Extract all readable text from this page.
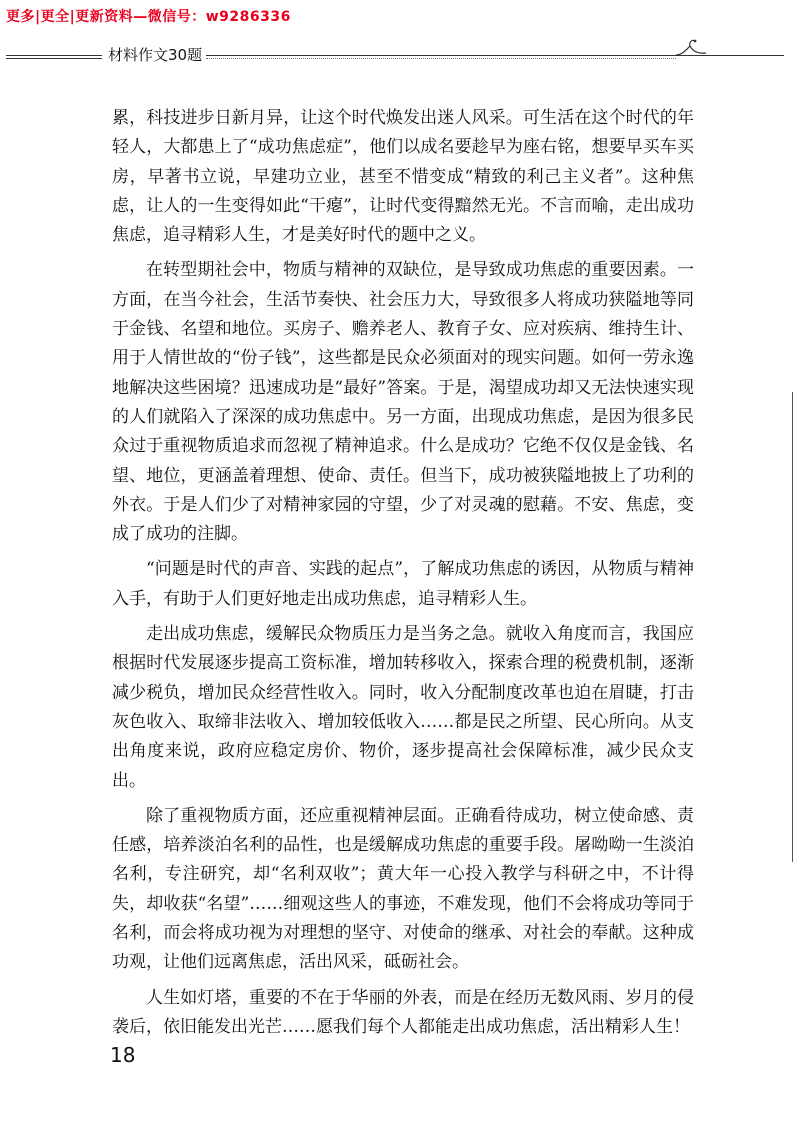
更多|更全|更新资料—微信号：w9286336
材料作文30题

累，科技进步日新月异，让这个时代焕发出迷人风采。可生活在这个时代的年轻人，大都患上了“成功焦虑症”，他们以成名要趁早为座右铭，想要早买车买房，早著书立说，早建功立业，甚至不惜变成“精致的利己主义者”。这种焦虑，让人的一生变得如此“干瘪”，让时代变得黯然无光。不言而喻，走出成功焦虑，追寻精彩人生，才是美好时代的题中之义。

在转型期社会中，物质与精神的双缺位，是导致成功焦虑的重要因素。一方面，在当今社会，生活节奏快、社会压力大，导致很多人将成功狭隘地等同于金钱、名望和地位。买房子、赡养老人、教育子女、应对疾病、维持生计、用于人情世故的“份子钱”，这些都是民众必须面对的现实问题。如何一劳永逸地解决这些困境？迅速成功是“最好”答案。于是，渴望成功却又无法快速实现的人们就陷入了深深的成功焦虑中。另一方面，出现成功焦虑，是因为很多民众过于重视物质追求而忽视了精神追求。什么是成功？它绝不仅仅是金钱、名望、地位，更涵盖着理想、使命、责任。但当下，成功被狭隘地披上了功利的外衣。于是人们少了对精神家园的守望，少了对灵魂的慰藉。不安、焦虑，变成了成功的注脚。

“问题是时代的声音、实践的起点”，了解成功焦虑的诱因，从物质与精神入手，有助于人们更好地走出成功焦虑，追寻精彩人生。

走出成功焦虑，缓解民众物质压力是当务之急。就收入角度而言，我国应根据时代发展逐步提高工资标准，增加转移收入，探索合理的税费机制，逐渐减少税负，增加民众经营性收入。同时，收入分配制度改革也迫在眉睫，打击灰色收入、取缔非法收入、增加较低收入……都是民之所望、民心所向。从支出角度来说，政府应稳定房价、物价，逐步提高社会保障标准，减少民众支出。

除了重视物质方面，还应重视精神层面。正确看待成功，树立使命感、责任感，培养淡泊名利的品性，也是缓解成功焦虑的重要手段。屠呦呦一生淡泊名利，专注研究，却“名利双收”；黄大年一心投入教学与科研之中，不计得失，却收获“名望”……细观这些人的事迹，不难发现，他们不会将成功等同于名利，而会将成功视为对理想的坚守、对使命的继承、对社会的奉献。这种成功观，让他们远离焦虑，活出风采，砥砺社会。

人生如灯塔，重要的不在于华丽的外表，而是在经历无数风雨、岁月的侵袭后，依旧能发出光芒……愿我们每个人都能走出成功焦虑，活出精彩人生！

18
